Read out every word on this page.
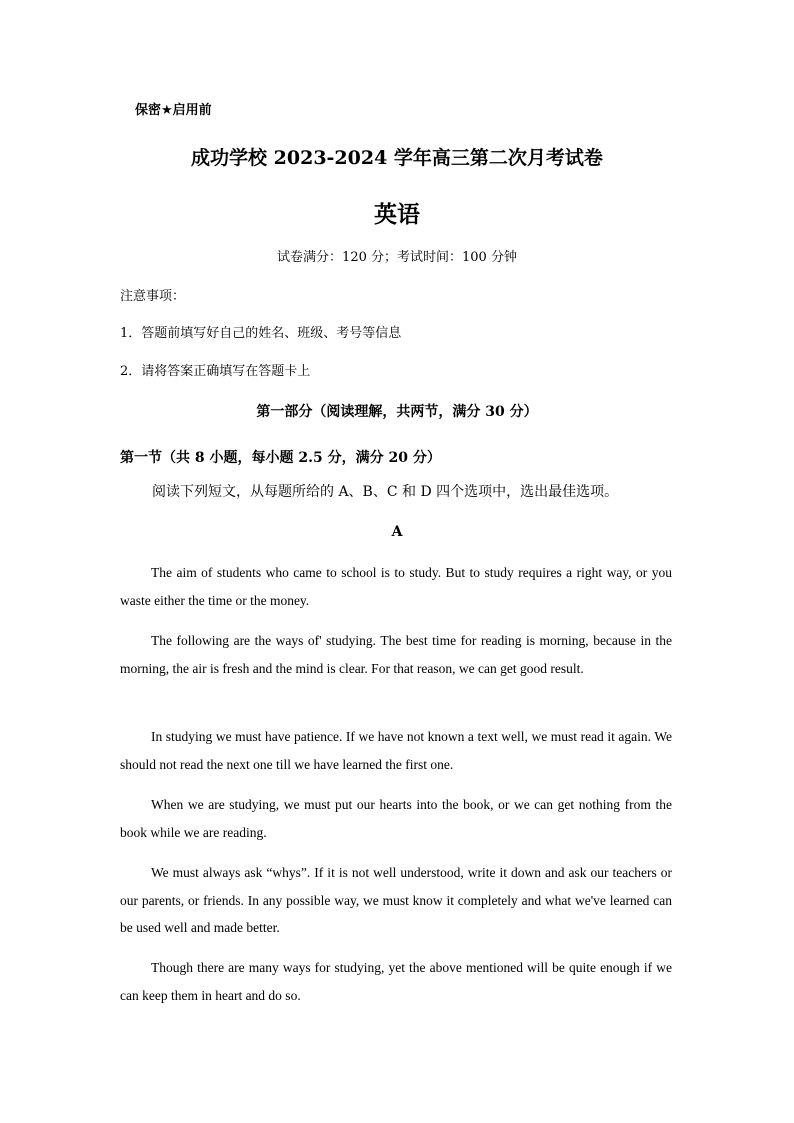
保密★启用前
成功学校 2023-2024 学年高三第二次月考试卷
英语
试卷满分：120 分；考试时间：100 分钟
注意事项：
1．答题前填写好自己的姓名、班级、考号等信息
2．请将答案正确填写在答题卡上
第一部分（阅读理解，共两节，满分 30 分）
第一节（共 8 小题，每小题 2.5 分，满分 20 分）
阅读下列短文，从每题所给的 A、B、C 和 D 四个选项中，选出最佳选项。
A

The aim of students who came to school is to study. But to study requires a right way, or you waste either the time or the money.

The following are the ways of' studying. The best time for reading is morning, because in the morning, the air is fresh and the mind is clear. For that reason, we can get good result.

In studying we must have patience. If we have not known a text well, we must read it again. We should not read the next one till we have learned the first one.

When we are studying, we must put our hearts into the book, or we can get nothing from the book while we are reading.

We must always ask “whys”. If it is not well understood, write it down and ask our teachers or our parents, or friends. In any possible way, we must know it completely and what we've learned can be used well and made better.

Though there are many ways for studying, yet the above mentioned will be quite enough if we can keep them in heart and do so.
